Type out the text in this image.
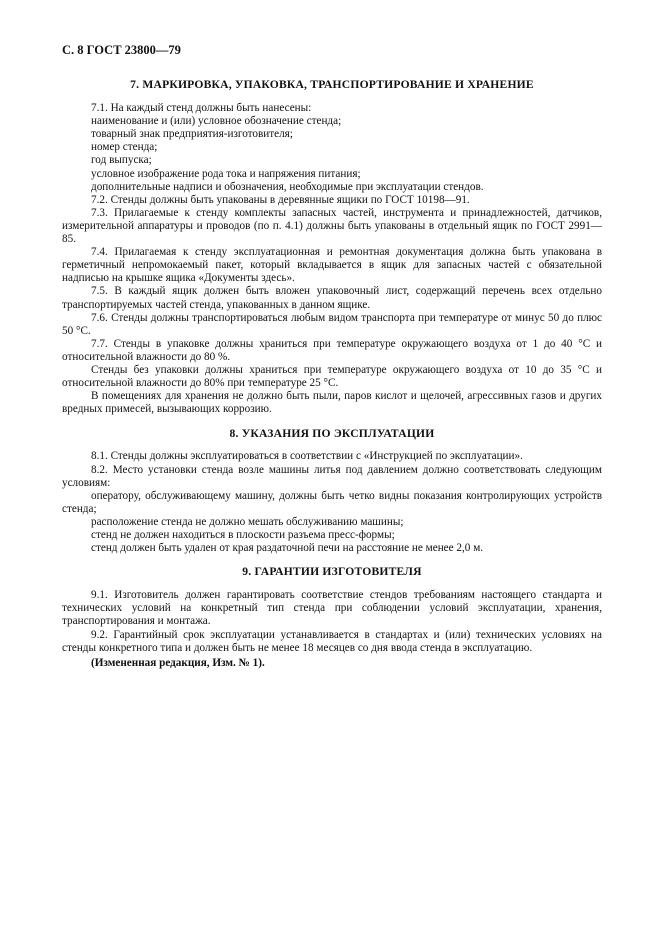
С. 8 ГОСТ 23800—79
7. МАРКИРОВКА, УПАКОВКА, ТРАНСПОРТИРОВАНИЕ И ХРАНЕНИЕ

7.1. На каждый стенд должны быть нанесены:

наименование и (или) условное обозначение стенда;

товарный знак предприятия-изготовителя;

номер стенда;

год выпуска;

условное изображение рода тока и напряжения питания;

дополнительные надписи и обозначения, необходимые при эксплуатации стендов.

7.2. Стенды должны быть упакованы в деревянные ящики по ГОСТ 10198—91.

7.3. Прилагаемые к стенду комплекты запасных частей, инструмента и принадлежностей, датчиков, измерительной аппаратуры и проводов (по п. 4.1) должны быть упакованы в отдельный ящик по ГОСТ 2991—85.

7.4. Прилагаемая к стенду эксплуатационная и ремонтная документация должна быть упакована в герметичный непромокаемый пакет, который вкладывается в ящик для запасных частей с обязательной надписью на крышке ящика «Документы здесь».

7.5. В каждый ящик должен быть вложен упаковочный лист, содержащий перечень всех отдельно транспортируемых частей стенда, упакованных в данном ящике.

7.6. Стенды должны транспортироваться любым видом транспорта при температуре от минус 50 до плюс 50 °С.

7.7. Стенды в упаковке должны храниться при температуре окружающего воздуха от 1 до 40 °С и относительной влажности до 80 %.

Стенды без упаковки должны храниться при температуре окружающего воздуха от 10 до 35 °С и относительной влажности до 80% при температуре 25 °С.

В помещениях для хранения не должно быть пыли, паров кислот и щелочей, агрессивных газов и других вредных примесей, вызывающих коррозию.

8. УКАЗАНИЯ ПО ЭКСПЛУАТАЦИИ

8.1. Стенды должны эксплуатироваться в соответствии с «Инструкцией по эксплуатации».

8.2. Место установки стенда возле машины литья под давлением должно соответствовать следующим условиям:

оператору, обслуживающему машину, должны быть четко видны показания контролирующих устройств стенда;

расположение стенда не должно мешать обслуживанию машины;

стенд не должен находиться в плоскости разъема пресс-формы;

стенд должен быть удален от края раздаточной печи на расстояние не менее 2,0 м.

9. ГАРАНТИИ ИЗГОТОВИТЕЛЯ

9.1. Изготовитель должен гарантировать соответствие стендов требованиям настоящего стандарта и технических условий на конкретный тип стенда при соблюдении условий эксплуатации, хранения, транспортирования и монтажа.

9.2. Гарантийный срок эксплуатации устанавливается в стандартах и (или) технических условиях на стенды конкретного типа и должен быть не менее 18 месяцев со дня ввода стенда в эксплуатацию.

(Измененная редакция, Изм. № 1).
